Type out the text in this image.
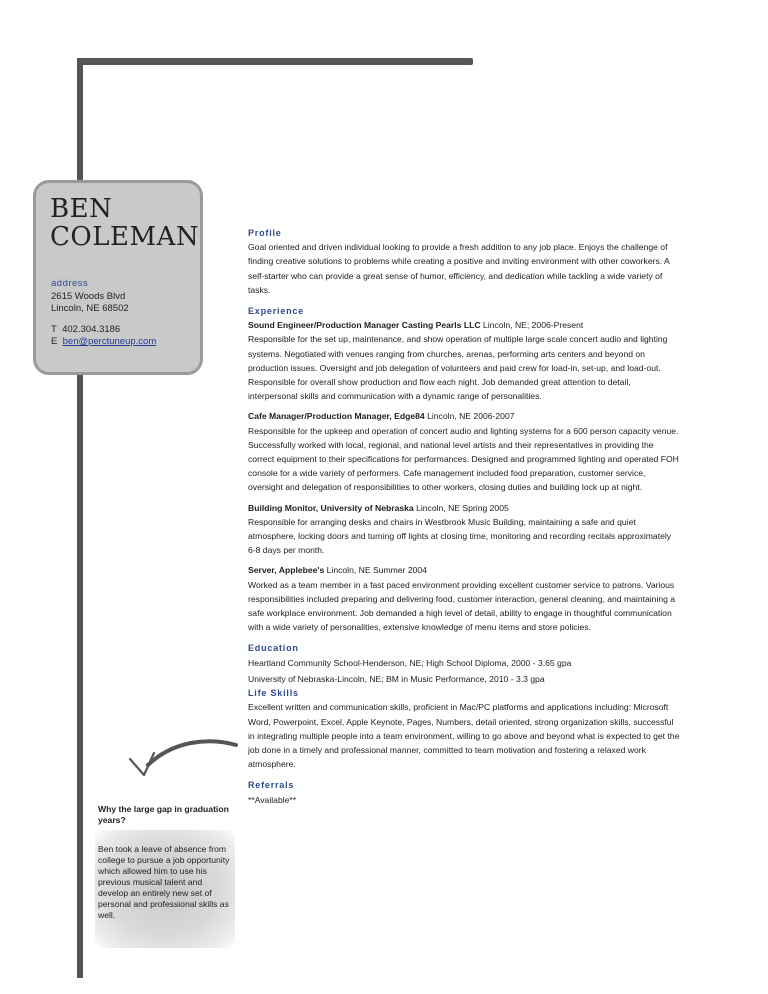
BEN
COLEMAN
address
2615 Woods Blvd
Lincoln, NE 68502
T 402.304.3186
E ben@perctuneup.com
Profile

Goal oriented and driven individual looking to provide a fresh addition to any job place. Enjoys the challenge of finding creative solutions to problems while creating a positive and inviting environment with other coworkers. A self-starter who can provide a great sense of humor, efficiency, and dedication while tackling a wide variety of tasks.

Experience
Sound Engineer/Production Manager Casting Pearls LLC Lincoln, NE; 2006-Present

Responsible for the set up, maintenance, and show operation of multiple large scale concert audio and lighting systems. Negotiated with venues ranging from churches, arenas, performing arts centers and beyond on production issues. Oversight and job delegation of volunteers and paid crew for load-in, set-up, and load-out. Responsible for overall show production and flow each night. Job demanded great attention to detail, interpersonal skills and communication with a dynamic range of personalities.

Cafe Manager/Production Manager, Edge84 Lincoln, NE 2006-2007

Responsible for the upkeep and operation of concert audio and lighting systems for a 600 person capacity venue. Successfully worked with local, regional, and national level artists and their representatives in providing the correct equipment to their specifications for performances. Designed and programmed lighting and operated FOH console for a wide variety of performers. Cafe management included food preparation, customer service, oversight and delegation of responsibilities to other workers, closing duties and building lock up at night.

Building Monitor, University of Nebraska Lincoln, NE Spring 2005

Responsible for arranging desks and chairs in Westbrook Music Building, maintaining a safe and quiet atmosphere, locking doors and turning off lights at closing time, monitoring and recording recitals approximately 6-8 days per month.

Server, Applebee's Lincoln, NE Summer 2004

Worked as a team member in a fast paced environment providing excellent customer service to patrons. Various responsibilities included preparing and delivering food, customer interaction, general cleaning, and maintaining a safe workplace environment. Job demanded a high level of detail, ability to engage in thoughtful communication with a wide variety of personalities, extensive knowledge of menu items and store policies.

Education

Heartland Community School-Henderson, NE; High School Diploma, 2000 - 3.65 gpa

University of Nebraska-Lincoln, NE; BM in Music Performance, 2010 - 3.3 gpa

Life Skills

Excellent written and communication skills, proficient in Mac/PC platforms and applications including: Microsoft Word, Powerpoint, Excel, Apple Keynote, Pages, Numbers, detail oriented, strong organization skills, successful in integrating multiple people into a team environment, willing to go above and beyond what is expected to get the job done in a timely and professional manner, committed to team motivation and fostering a relaxed work atmosphere.

Referrals

**Available**

Why the large gap in graduation years?
Ben took a leave of absence from college to pursue a job opportunity which allowed him to use his previous musical talent and develop an entirely new set of personal and professional skills as well.
